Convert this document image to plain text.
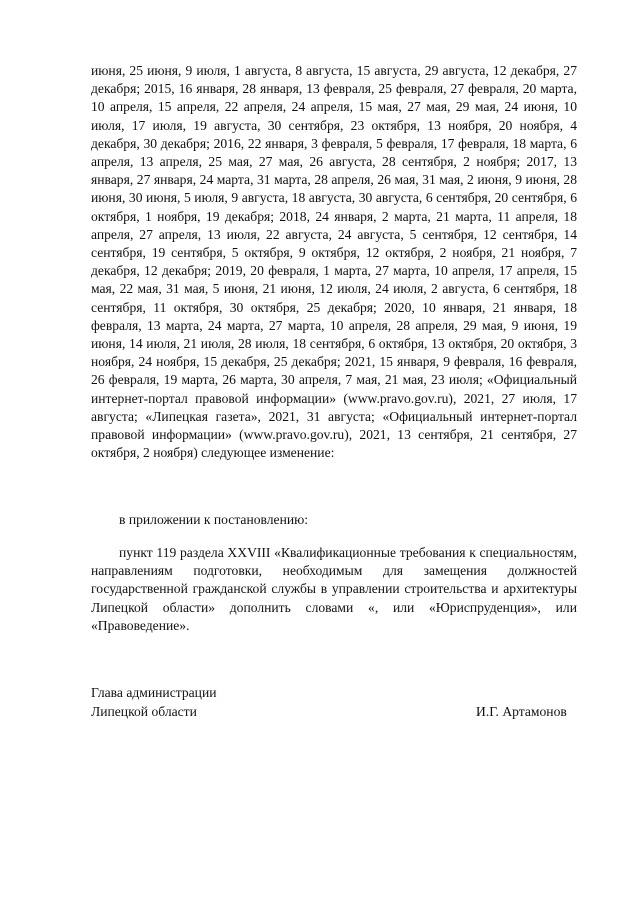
июня, 25 июня, 9 июля, 1 августа, 8 августа, 15 августа, 29 августа, 12 декабря, 27 декабря; 2015, 16 января, 28 января, 13 февраля, 25 февраля, 27 февраля, 20 марта, 10 апреля, 15 апреля, 22 апреля, 24 апреля, 15 мая, 27 мая, 29 мая, 24 июня, 10 июля, 17 июля, 19 августа, 30 сентября, 23 октября, 13 ноября, 20 ноября, 4 декабря, 30 декабря; 2016, 22 января, 3 февраля, 5 февраля, 17 февраля, 18 марта, 6 апреля, 13 апреля, 25 мая, 27 мая, 26 августа, 28 сентября, 2 ноября; 2017, 13 января, 27 января, 24 марта, 31 марта, 28 апреля, 26 мая, 31 мая, 2 июня, 9 июня, 28 июня, 30 июня, 5 июля, 9 августа, 18 августа, 30 августа, 6 сентября, 20 сентября, 6 октября, 1 ноября, 19 декабря; 2018, 24 января, 2 марта, 21 марта, 11 апреля, 18 апреля, 27 апреля, 13 июля, 22 августа, 24 августа, 5 сентября, 12 сентября, 14 сентября, 19 сентября, 5 октября, 9 октября, 12 октября, 2 ноября, 21 ноября, 7 декабря, 12 декабря; 2019, 20 февраля, 1 марта, 27 марта, 10 апреля, 17 апреля, 15 мая, 22 мая, 31 мая, 5 июня, 21 июня, 12 июля, 24 июля, 2 августа, 6 сентября, 18 сентября, 11 октября, 30 октября, 25 декабря; 2020, 10 января, 21 января, 18 февраля, 13 марта, 24 марта, 27 марта, 10 апреля, 28 апреля, 29 мая, 9 июня, 19 июня, 14 июля, 21 июля, 28 июля, 18 сентября, 6 октября, 13 октября, 20 октября, 3 ноября, 24 ноября, 15 декабря, 25 декабря; 2021, 15 января, 9 февраля, 16 февраля, 26 февраля, 19 марта, 26 марта, 30 апреля, 7 мая, 21 мая, 23 июля; «Официальный интернет-портал правовой информации» (www.pravo.gov.ru), 2021, 27 июля, 17 августа; «Липецкая газета», 2021, 31 августа; «Официальный интернет-портал правовой информации» (www.pravo.gov.ru), 2021, 13 сентября, 21 сентября, 27 октября, 2 ноября) следующее изменение:

в приложении к постановлению:

пункт 119 раздела XXVIII «Квалификационные требования к специальностям, направлениям подготовки, необходимым для замещения должностей государственной гражданской службы в управлении строительства и архитектуры Липецкой области» дополнить словами «, или «Юриспруденция», или «Правоведение».

Глава администрации

Липецкой области	И.Г. Артамонов
